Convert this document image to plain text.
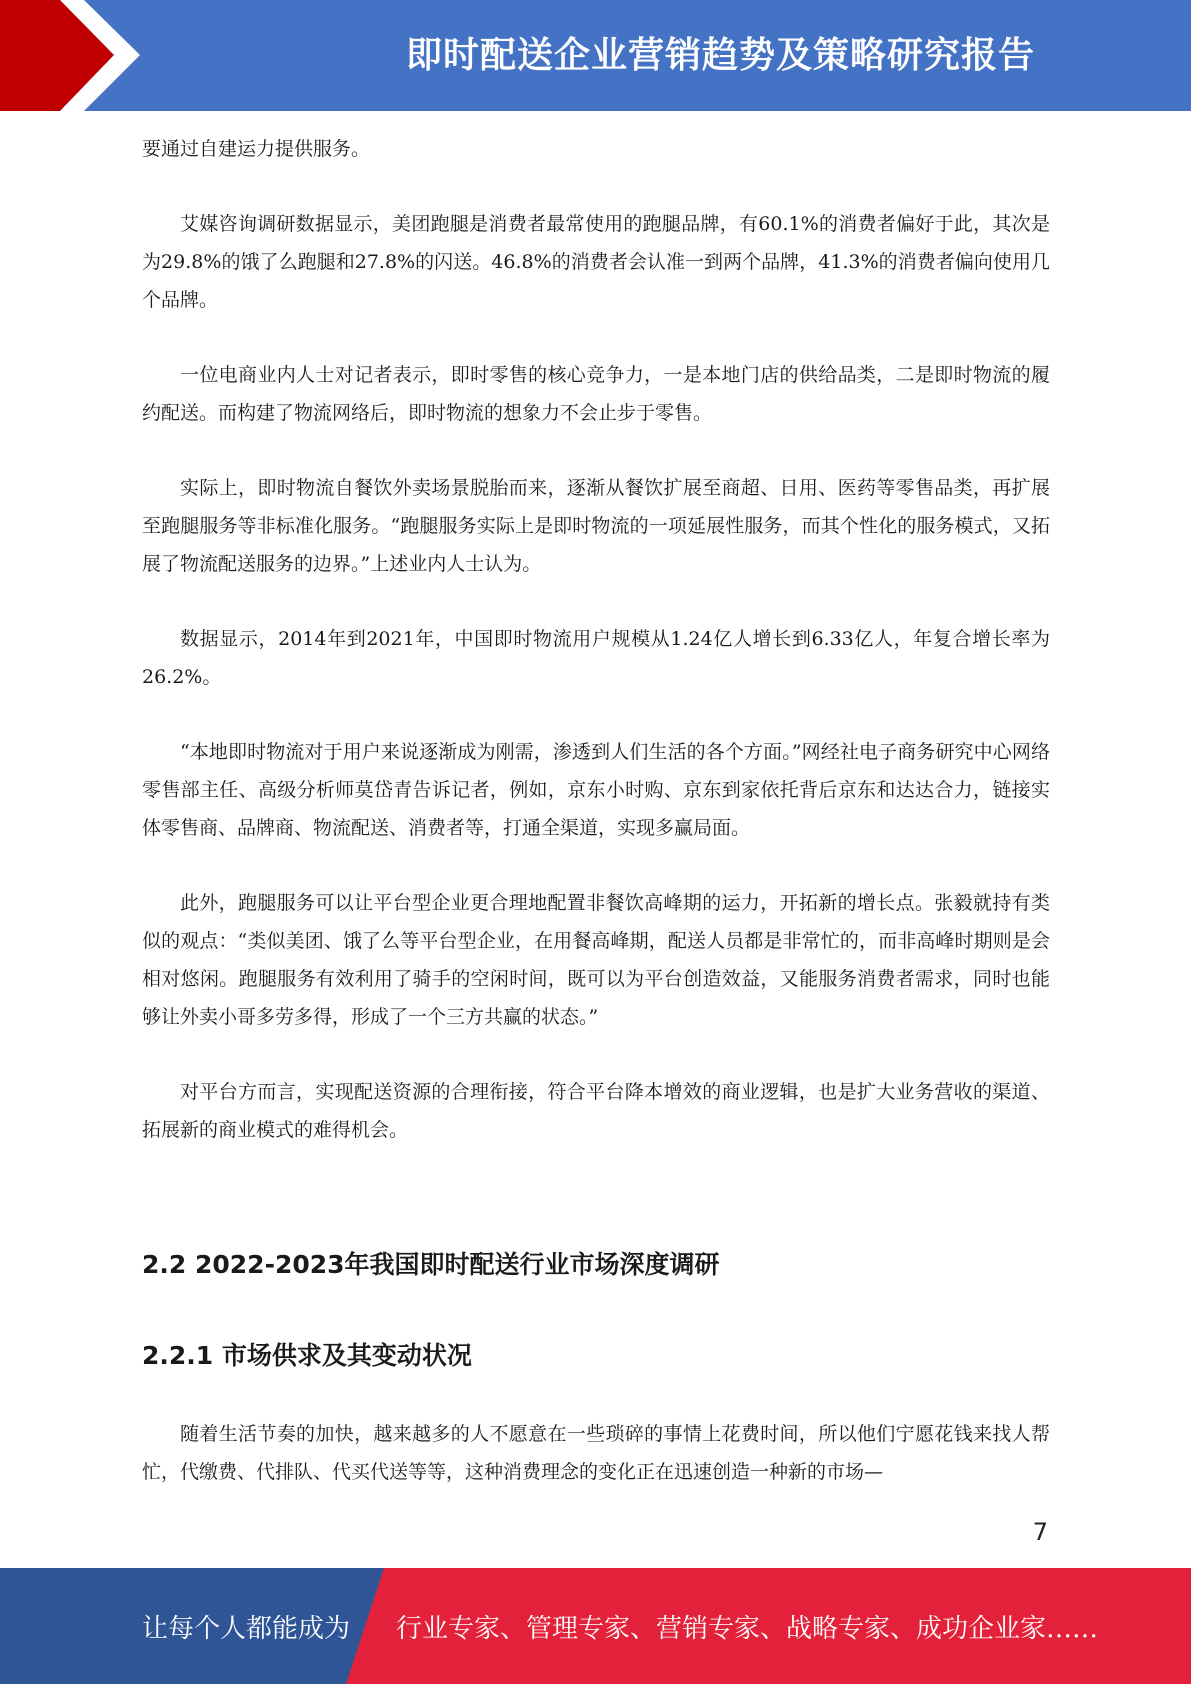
即时配送企业营销趋势及策略研究报告

要通过自建运力提供服务。

艾媒咨询调研数据显示，美团跑腿是消费者最常使用的跑腿品牌，有60.1%的消费者偏好于此，其次是为29.8%的饿了么跑腿和27.8%的闪送。46.8%的消费者会认准一到两个品牌，41.3%的消费者偏向使用几个品牌。

一位电商业内人士对记者表示，即时零售的核心竞争力，一是本地门店的供给品类，二是即时物流的履约配送。而构建了物流网络后，即时物流的想象力不会止步于零售。

实际上，即时物流自餐饮外卖场景脱胎而来，逐渐从餐饮扩展至商超、日用、医药等零售品类，再扩展至跑腿服务等非标准化服务。“跑腿服务实际上是即时物流的一项延展性服务，而其个性化的服务模式，又拓展了物流配送服务的边界。”上述业内人士认为。

数据显示，2014年到2021年，中国即时物流用户规模从1.24亿人增长到6.33亿人，年复合增长率为26.2%。

“本地即时物流对于用户来说逐渐成为刚需，渗透到人们生活的各个方面。”网经社电子商务研究中心网络零售部主任、高级分析师莫岱青告诉记者，例如，京东小时购、京东到家依托背后京东和达达合力，链接实体零售商、品牌商、物流配送、消费者等，打通全渠道，实现多赢局面。

此外，跑腿服务可以让平台型企业更合理地配置非餐饮高峰期的运力，开拓新的增长点。张毅就持有类似的观点：“类似美团、饿了么等平台型企业，在用餐高峰期，配送人员都是非常忙的，而非高峰时期则是会相对悠闲。跑腿服务有效利用了骑手的空闲时间，既可以为平台创造效益，又能服务消费者需求，同时也能够让外卖小哥多劳多得，形成了一个三方共赢的状态。”

对平台方而言，实现配送资源的合理衔接，符合平台降本增效的商业逻辑，也是扩大业务营收的渠道、拓展新的商业模式的难得机会。

2.2 2022-2023年我国即时配送行业市场深度调研
2.2.1 市场供求及其变动状况

随着生活节奏的加快，越来越多的人不愿意在一些琐碎的事情上花费时间，所以他们宁愿花钱来找人帮忙，代缴费、代排队、代买代送等等，这种消费理念的变化正在迅速创造一种新的市场—

7
让每个人都能成为 行业专家、管理专家、营销专家、战略专家、成功企业家……
